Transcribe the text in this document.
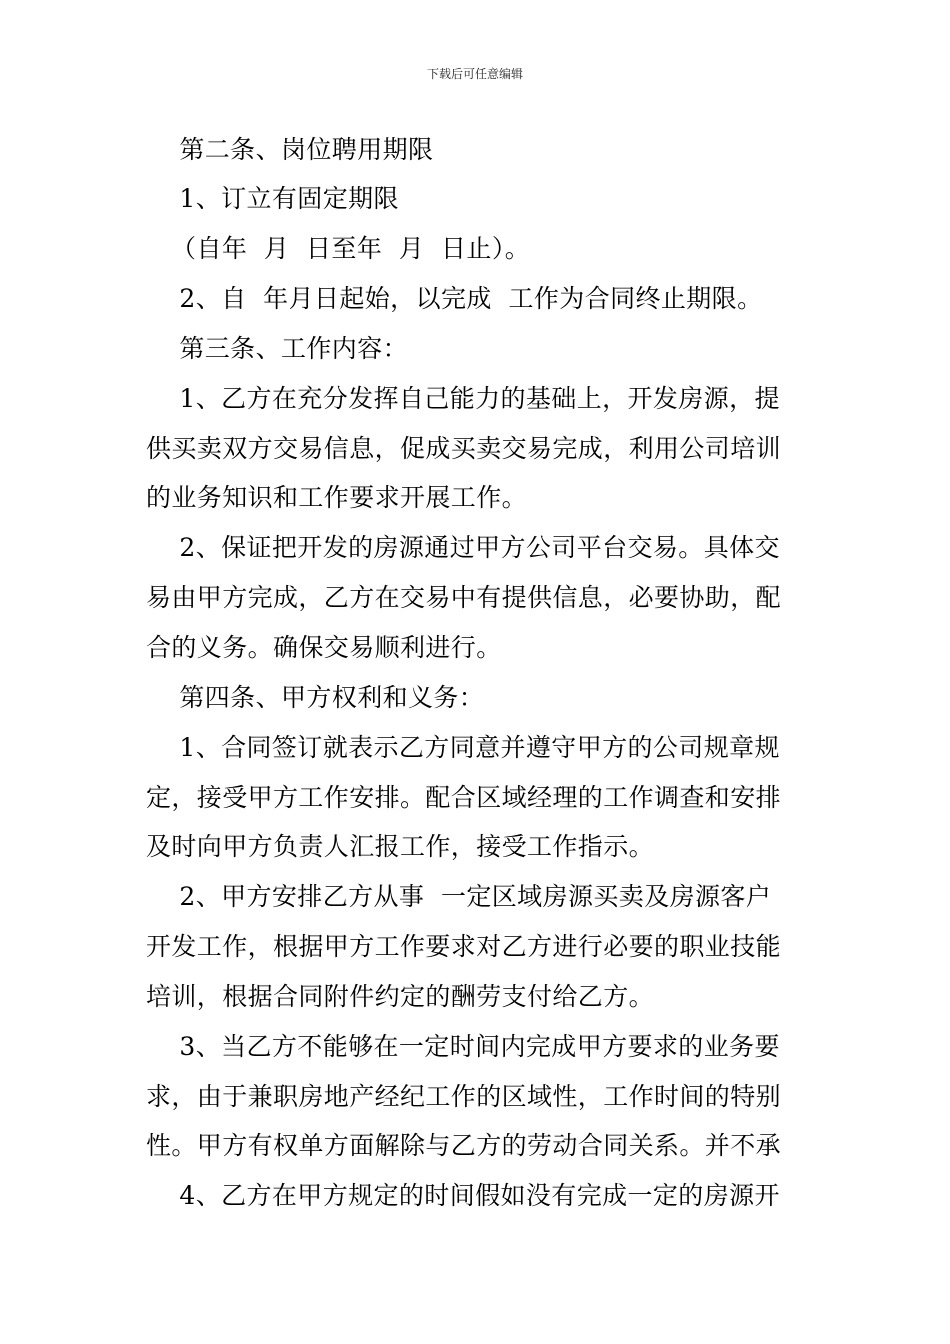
下载后可任意编辑
第二条、岗位聘用期限
1、订立有固定期限
（自年  月  日至年  月  日止）。
2、自  年月日起始，以完成  工作为合同终止期限。
第三条、工作内容：
1、乙方在充分发挥自己能力的基础上，开发房源，提
供买卖双方交易信息，促成买卖交易完成，利用公司培训
的业务知识和工作要求开展工作。
2、保证把开发的房源通过甲方公司平台交易。具体交
易由甲方完成，乙方在交易中有提供信息，必要协助，配
合的义务。确保交易顺利进行。
第四条、甲方权利和义务：
1、合同签订就表示乙方同意并遵守甲方的公司规章规
定，接受甲方工作安排。配合区域经理的工作调查和安排
及时向甲方负责人汇报工作，接受工作指示。
2、甲方安排乙方从事  一定区域房源买卖及房源客户
开发工作，根据甲方工作要求对乙方进行必要的职业技能
培训，根据合同附件约定的酬劳支付给乙方。
3、当乙方不能够在一定时间内完成甲方要求的业务要
求，由于兼职房地产经纪工作的区域性，工作时间的特别
性。甲方有权单方面解除与乙方的劳动合同关系。并不承
4、乙方在甲方规定的时间假如没有完成一定的房源开
